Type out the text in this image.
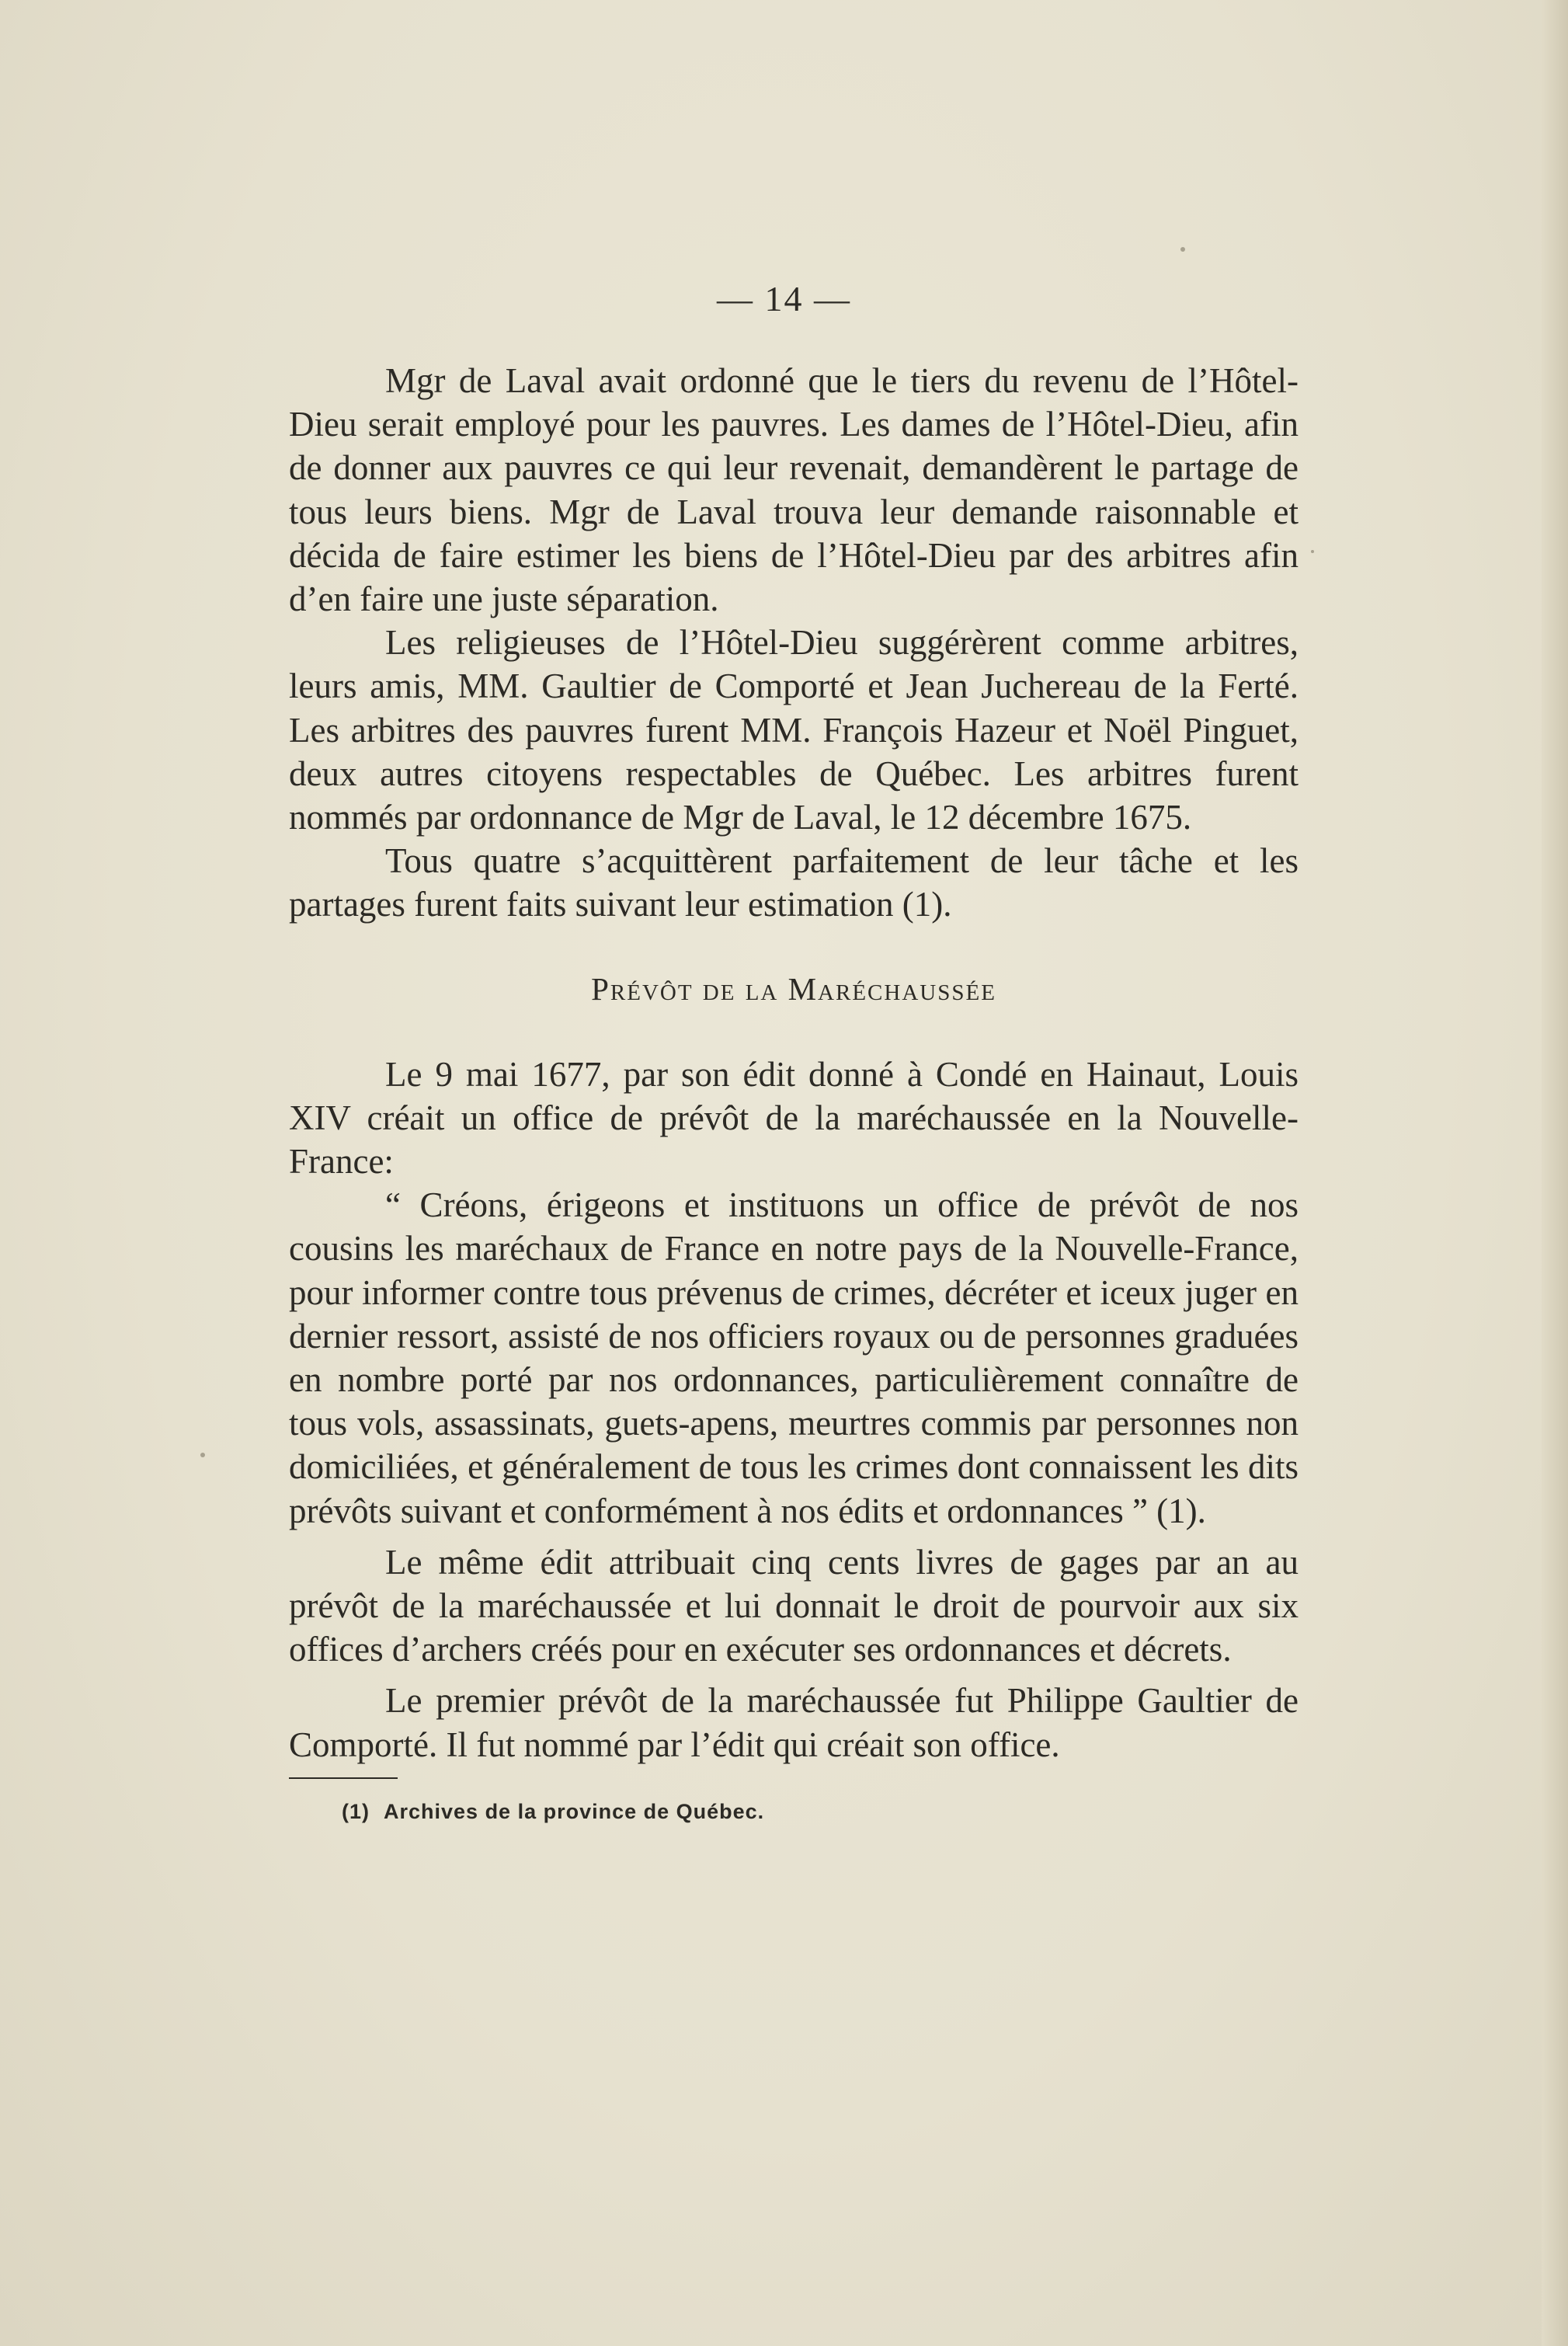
— 14 —

Mgr de Laval avait ordonné que le tiers du revenu de l’Hôtel-Dieu serait employé pour les pauvres. Les dames de l’Hôtel-Dieu, afin de donner aux pauvres ce qui leur revenait, demandèrent le partage de tous leurs biens. Mgr de Laval trouva leur demande raisonnable et décida de faire estimer les biens de l’Hôtel-Dieu par des arbitres afin d’en faire une juste séparation.

Les religieuses de l’Hôtel-Dieu suggérèrent comme arbitres, leurs amis, MM. Gaultier de Comporté et Jean Juchereau de la Ferté. Les arbitres des pauvres furent MM. François Hazeur et Noël Pinguet, deux autres citoyens respectables de Québec. Les arbitres furent nommés par ordonnance de Mgr de Laval, le 12 décembre 1675.

Tous quatre s’acquittèrent parfaitement de leur tâche et les partages furent faits suivant leur estimation (1).

Prévôt de la Maréchaussée

Le 9 mai 1677, par son édit donné à Condé en Hainaut, Louis XIV créait un office de prévôt de la maréchaussée en la Nouvelle-France:

“ Créons, érigeons et instituons un office de prévôt de nos cousins les maréchaux de France en notre pays de la Nouvelle-France, pour informer contre tous prévenus de crimes, décréter et iceux juger en dernier ressort, assisté de nos officiers royaux ou de personnes graduées en nombre porté par nos ordonnances, particulièrement connaître de tous vols, assassinats, guets-apens, meurtres commis par personnes non domiciliées, et généralement de tous les crimes dont connaissent les dits prévôts suivant et conformément à nos édits et ordonnances ” (1).

Le même édit attribuait cinq cents livres de gages par an au prévôt de la maréchaussée et lui donnait le droit de pourvoir aux six offices d’archers créés pour en exécuter ses ordonnances et décrets.

Le premier prévôt de la maréchaussée fut Philippe Gaultier de Comporté. Il fut nommé par l’édit qui créait son office.

(1) Archives de la province de Québec.
